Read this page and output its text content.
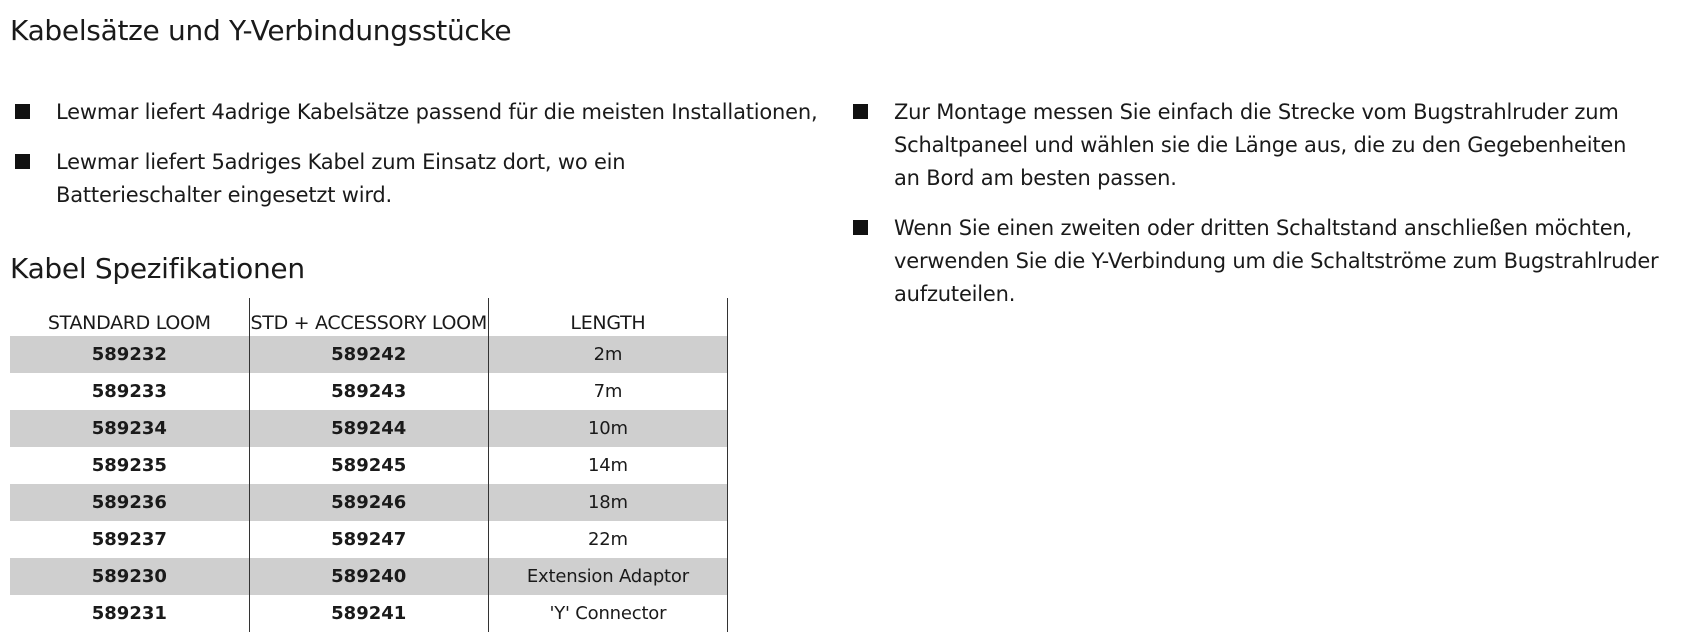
Kabelsätze und Y-Verbindungsstücke
Lewmar liefert 4adrige Kabelsätze passend für die meisten Installationen,
Lewmar liefert 5adriges Kabel zum Einsatz dort, wo ein Batterieschalter eingesetzt wird.
Zur Montage messen Sie einfach die Strecke vom Bugstrahlruder zum Schaltpaneel und wählen sie die Länge aus, die zu den Gegebenheiten an Bord am besten passen.
Wenn Sie einen zweiten oder dritten Schaltstand anschließen möchten, verwenden Sie die Y-Verbindung um die Schaltströme zum Bugstrahlruder aufzuteilen.
Kabel Spezifikationen
STANDARD LOOM	STD + ACCESSORY LOOM	LENGTH
589232	589242	2m
589233	589243	7m
589234	589244	10m
589235	589245	14m
589236	589246	18m
589237	589247	22m
589230	589240	Extension Adaptor
589231	589241	'Y' Connector
